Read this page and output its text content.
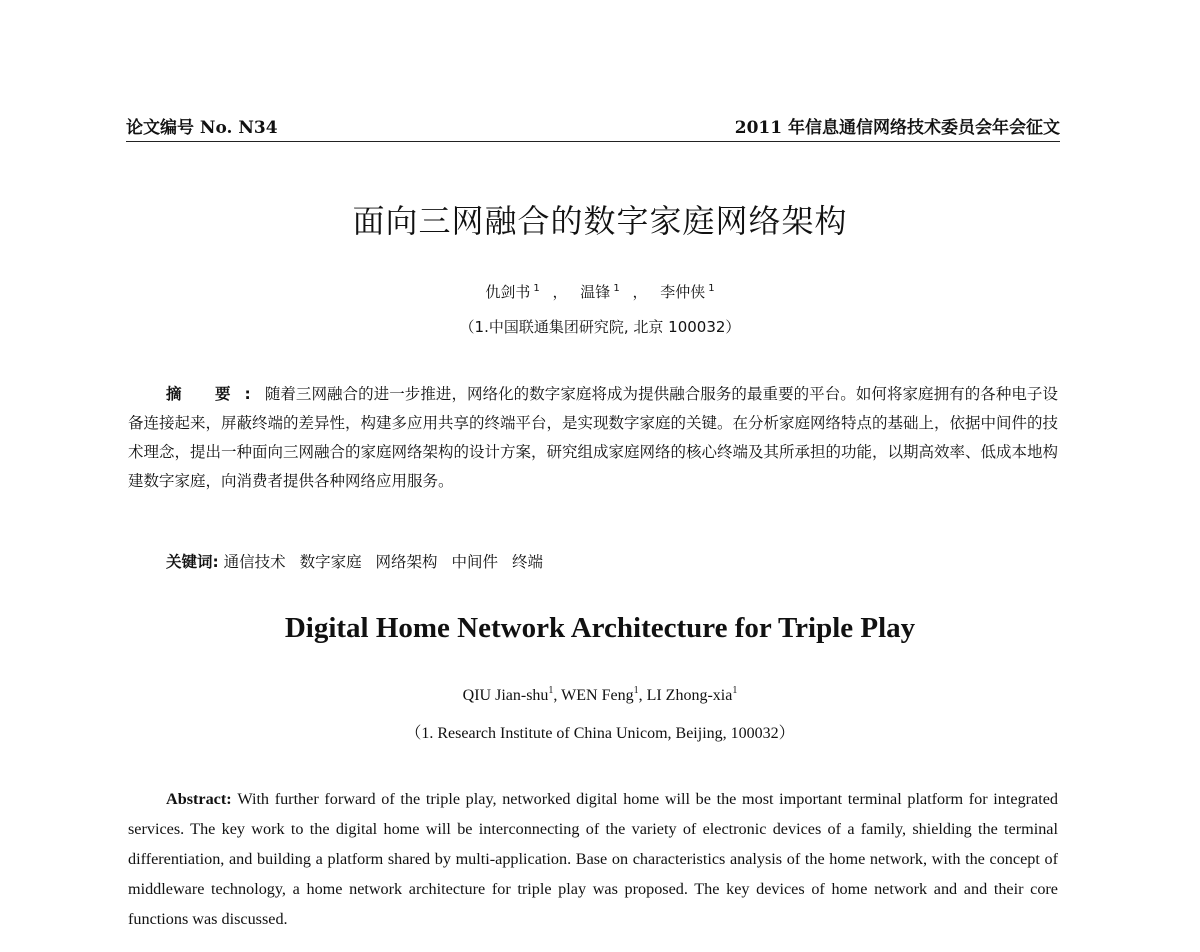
论文编号 No. N34	2011 年信息通信网络技术委员会年会征文
面向三网融合的数字家庭网络架构
仇剑书 $^1$ ， 温锋 $^1$ ， 李仲侠 $^1$
（1.中国联通集团研究院, 北京 100032）
摘 要:随着三网融合的进一步推进，网络化的数字家庭将成为提供融合服务的最重要的平台。如何将家庭拥有的各种电子设备连接起来，屏蔽终端的差异性，构建多应用共享的终端平台，是实现数字家庭的关键。在分析家庭网络特点的基础上，依据中间件的技术理念，提出一种面向三网融合的家庭网络架构的设计方案，研究组成家庭网络的核心终端及其所承担的功能，以期高效率、低成本地构建数字家庭，向消费者提供各种网络应用服务。
关键词: 通信技术 数字家庭 网络架构 中间件 终端
Digital Home Network Architecture for Triple Play
QIU Jian-shu$^1$, WEN Feng$^1$, LI Zhong-xia$^1$
（1. Research Institute of China Unicom, Beijing, 100032）
Abstract: With further forward of the triple play, networked digital home will be the most important terminal platform for integrated services. The key work to the digital home will be interconnecting of the variety of electronic devices of a family, shielding the terminal differentiation, and building a platform shared by multi-application. Base on characteristics analysis of the home network, with the concept of middleware technology, a home network architecture for triple play was proposed. The key devices of home network and and their core functions was discussed.
